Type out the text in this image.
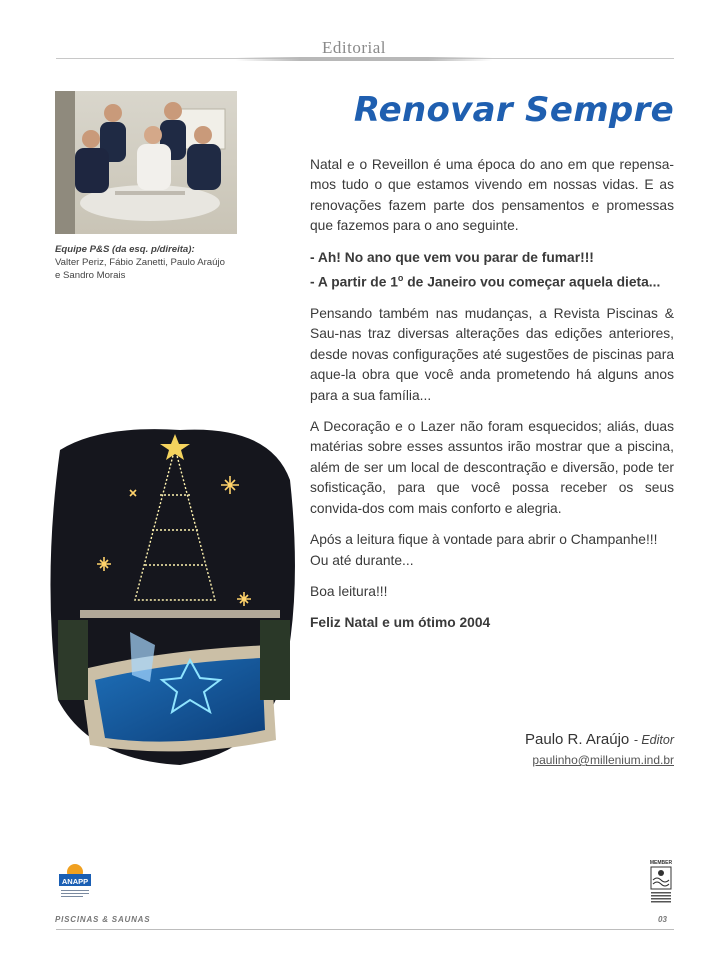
Editorial
Renovar Sempre
Equipe P&S (da esq. p/direita):
Valter Periz, Fábio Zanetti, Paulo Araújo
e Sandro Morais

Natal e o Reveillon é uma época do ano em que repensa-mos tudo o que estamos vivendo em nossas vidas. E as renovações fazem parte dos pensamentos e promessas que fazemos para o ano seguinte.

- Ah! No ano que vem vou parar de fumar!!!
- A partir de 1$^o$ de Janeiro vou começar aquela dieta...

Pensando também nas mudanças, a Revista Piscinas & Sau-nas traz diversas alterações das edições anteriores, desde novas configurações até sugestões de piscinas para aque-la obra que você anda prometendo há alguns anos para a sua família...

A Decoração e o Lazer não foram esquecidos; aliás, duas matérias sobre esses assuntos irão mostrar que a piscina, além de ser um local de descontração e diversão, pode ter sofisticação, para que você possa receber os seus convida-dos com mais conforto e alegria.

Após a leitura fique à vontade para abrir o Champanhe!!!
Ou até durante...

Boa leitura!!!

Feliz Natal e um ótimo 2004

Paulo R. Araújo - Editor
paulinho@millenium.ind.br
ANAPP
MEMBER
PISCINAS & SAUNAS	03
